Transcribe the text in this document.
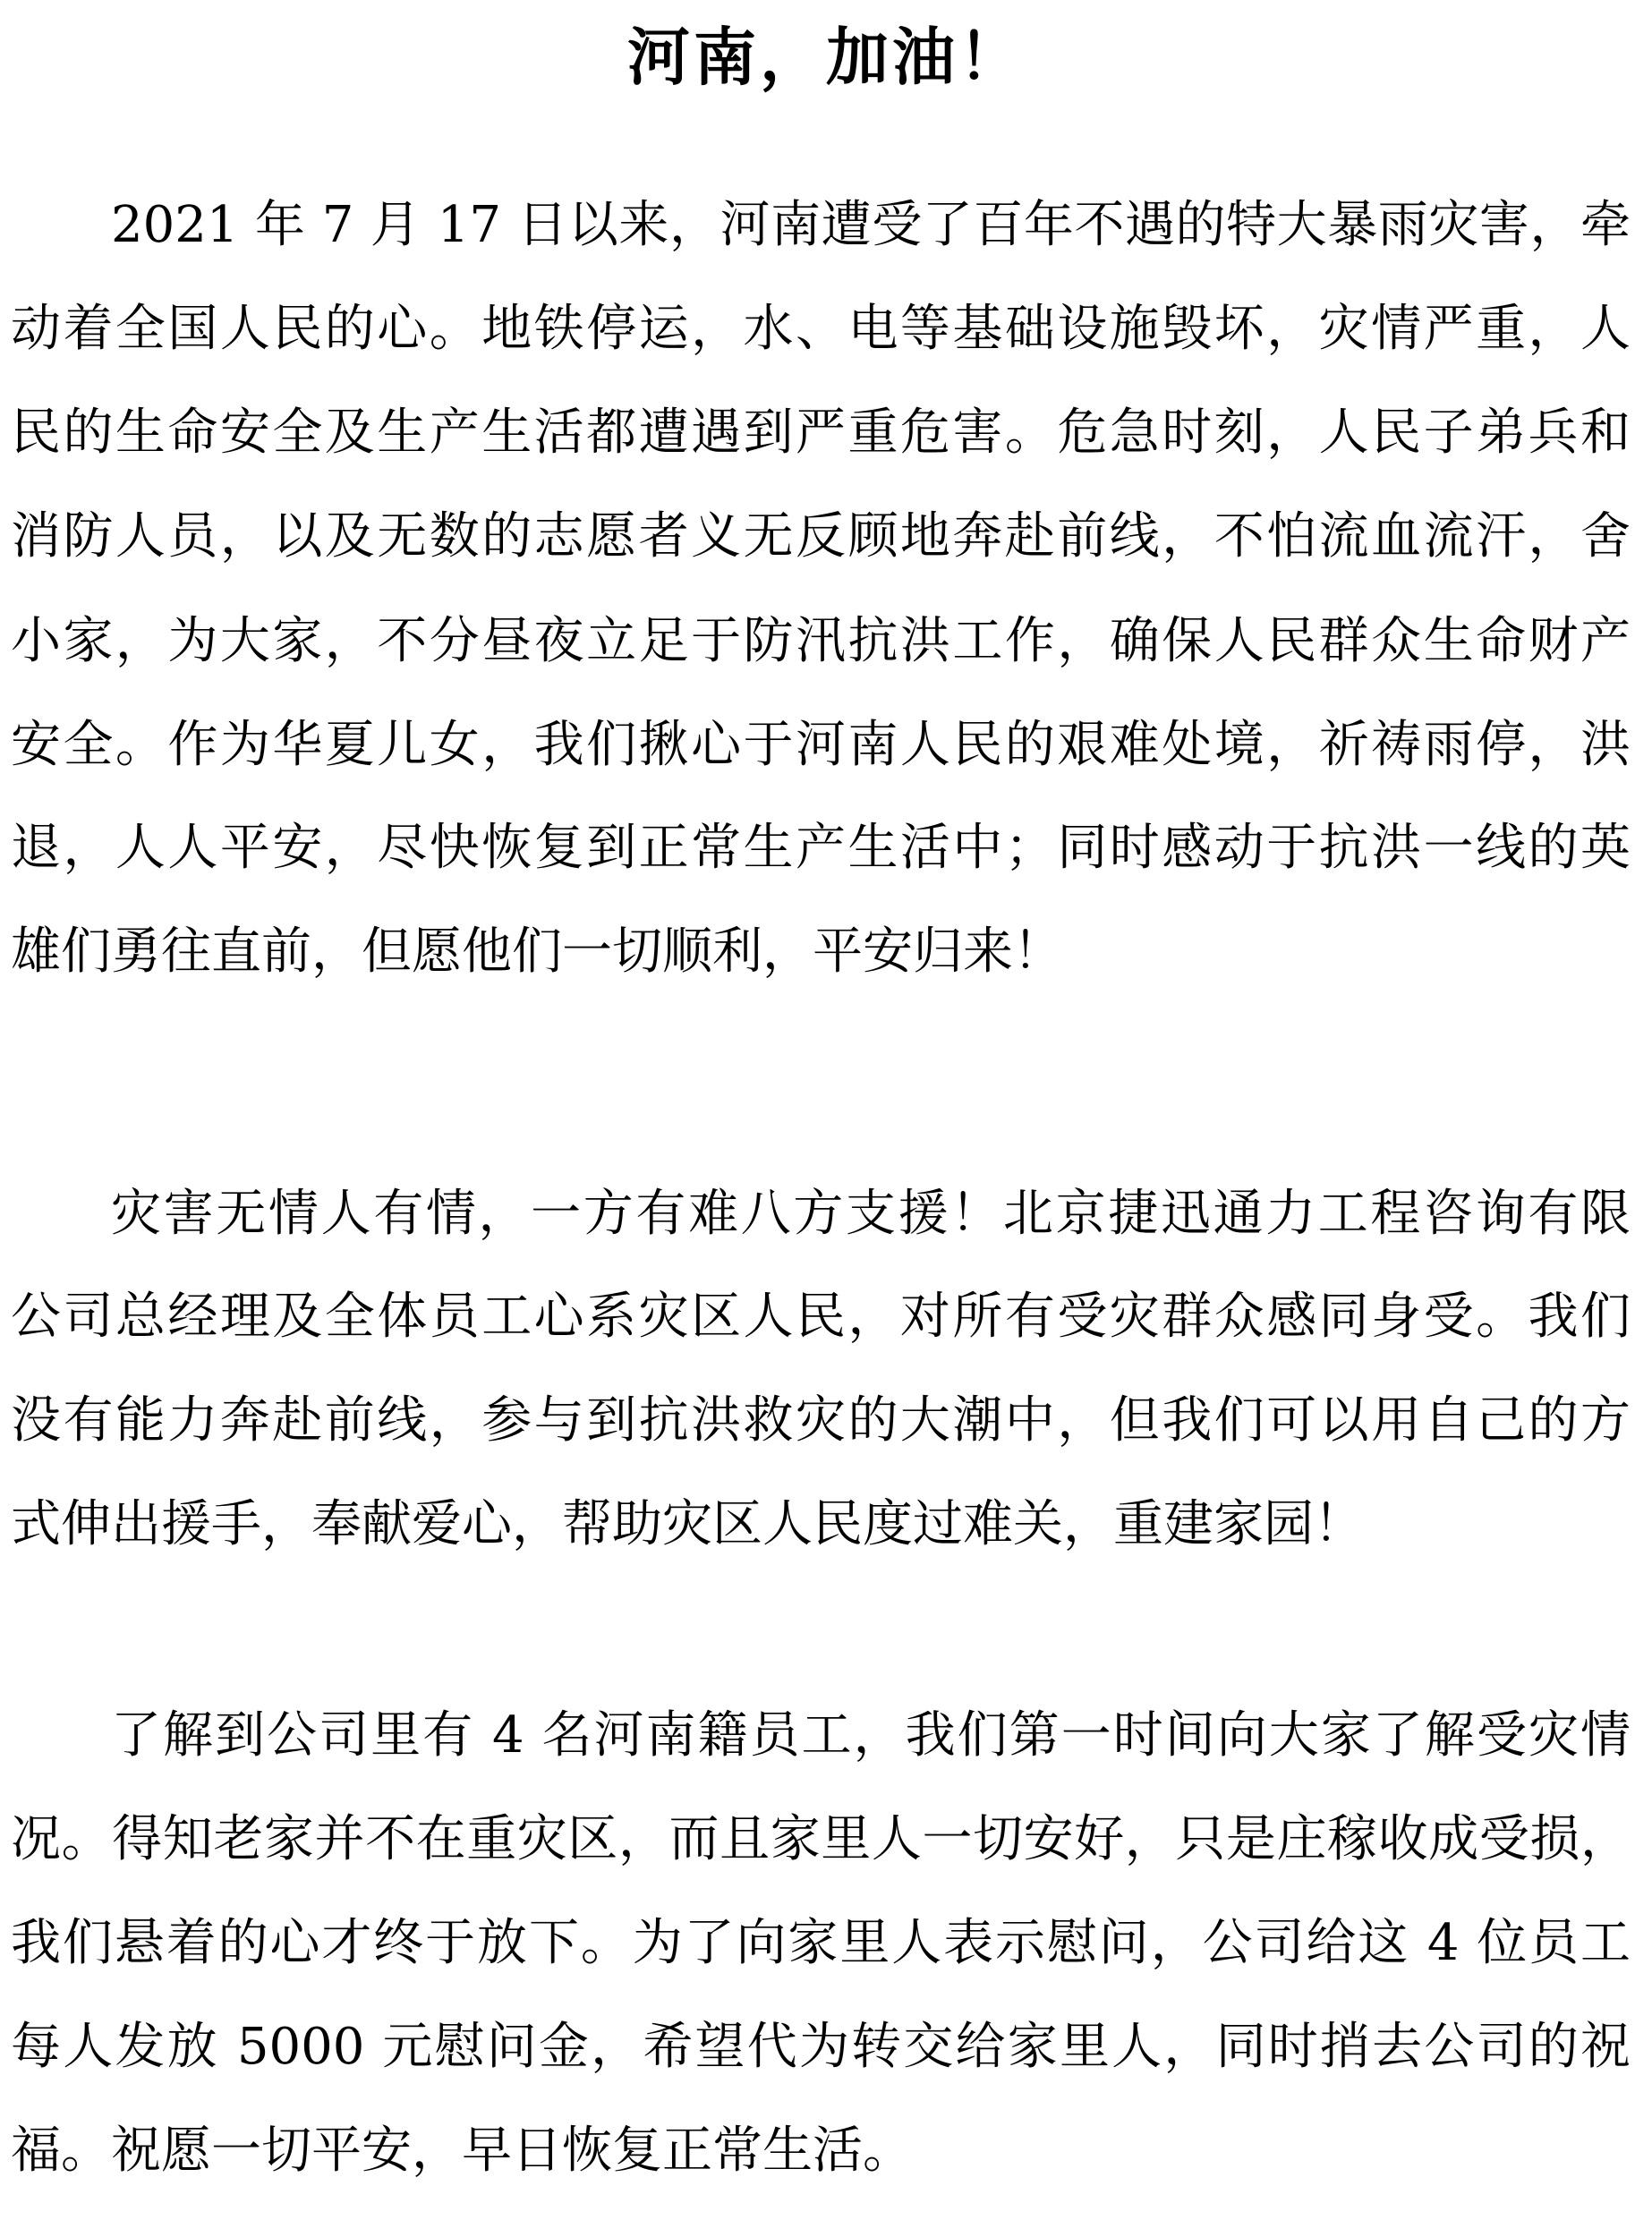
河南，加油！

2021 年 7 月 17 日以来，河南遭受了百年不遇的特大暴雨灾害，牵

动着全国人民的心。地铁停运，水、电等基础设施毁坏，灾情严重，人

民的生命安全及生产生活都遭遇到严重危害。危急时刻，人民子弟兵和

消防人员，以及无数的志愿者义无反顾地奔赴前线，不怕流血流汗，舍

小家，为大家，不分昼夜立足于防汛抗洪工作，确保人民群众生命财产

安全。作为华夏儿女，我们揪心于河南人民的艰难处境，祈祷雨停，洪

退，人人平安，尽快恢复到正常生产生活中；同时感动于抗洪一线的英

雄们勇往直前，但愿他们一切顺利，平安归来！

灾害无情人有情，一方有难八方支援！北京捷迅通力工程咨询有限

公司总经理及全体员工心系灾区人民，对所有受灾群众感同身受。我们

没有能力奔赴前线，参与到抗洪救灾的大潮中，但我们可以用自己的方

式伸出援手，奉献爱心，帮助灾区人民度过难关，重建家园！

了解到公司里有 4 名河南籍员工，我们第一时间向大家了解受灾情

况。得知老家并不在重灾区，而且家里人一切安好，只是庄稼收成受损，

我们悬着的心才终于放下。为了向家里人表示慰问，公司给这 4 位员工

每人发放 5000 元慰问金，希望代为转交给家里人，同时捎去公司的祝

福。祝愿一切平安，早日恢复正常生活。
